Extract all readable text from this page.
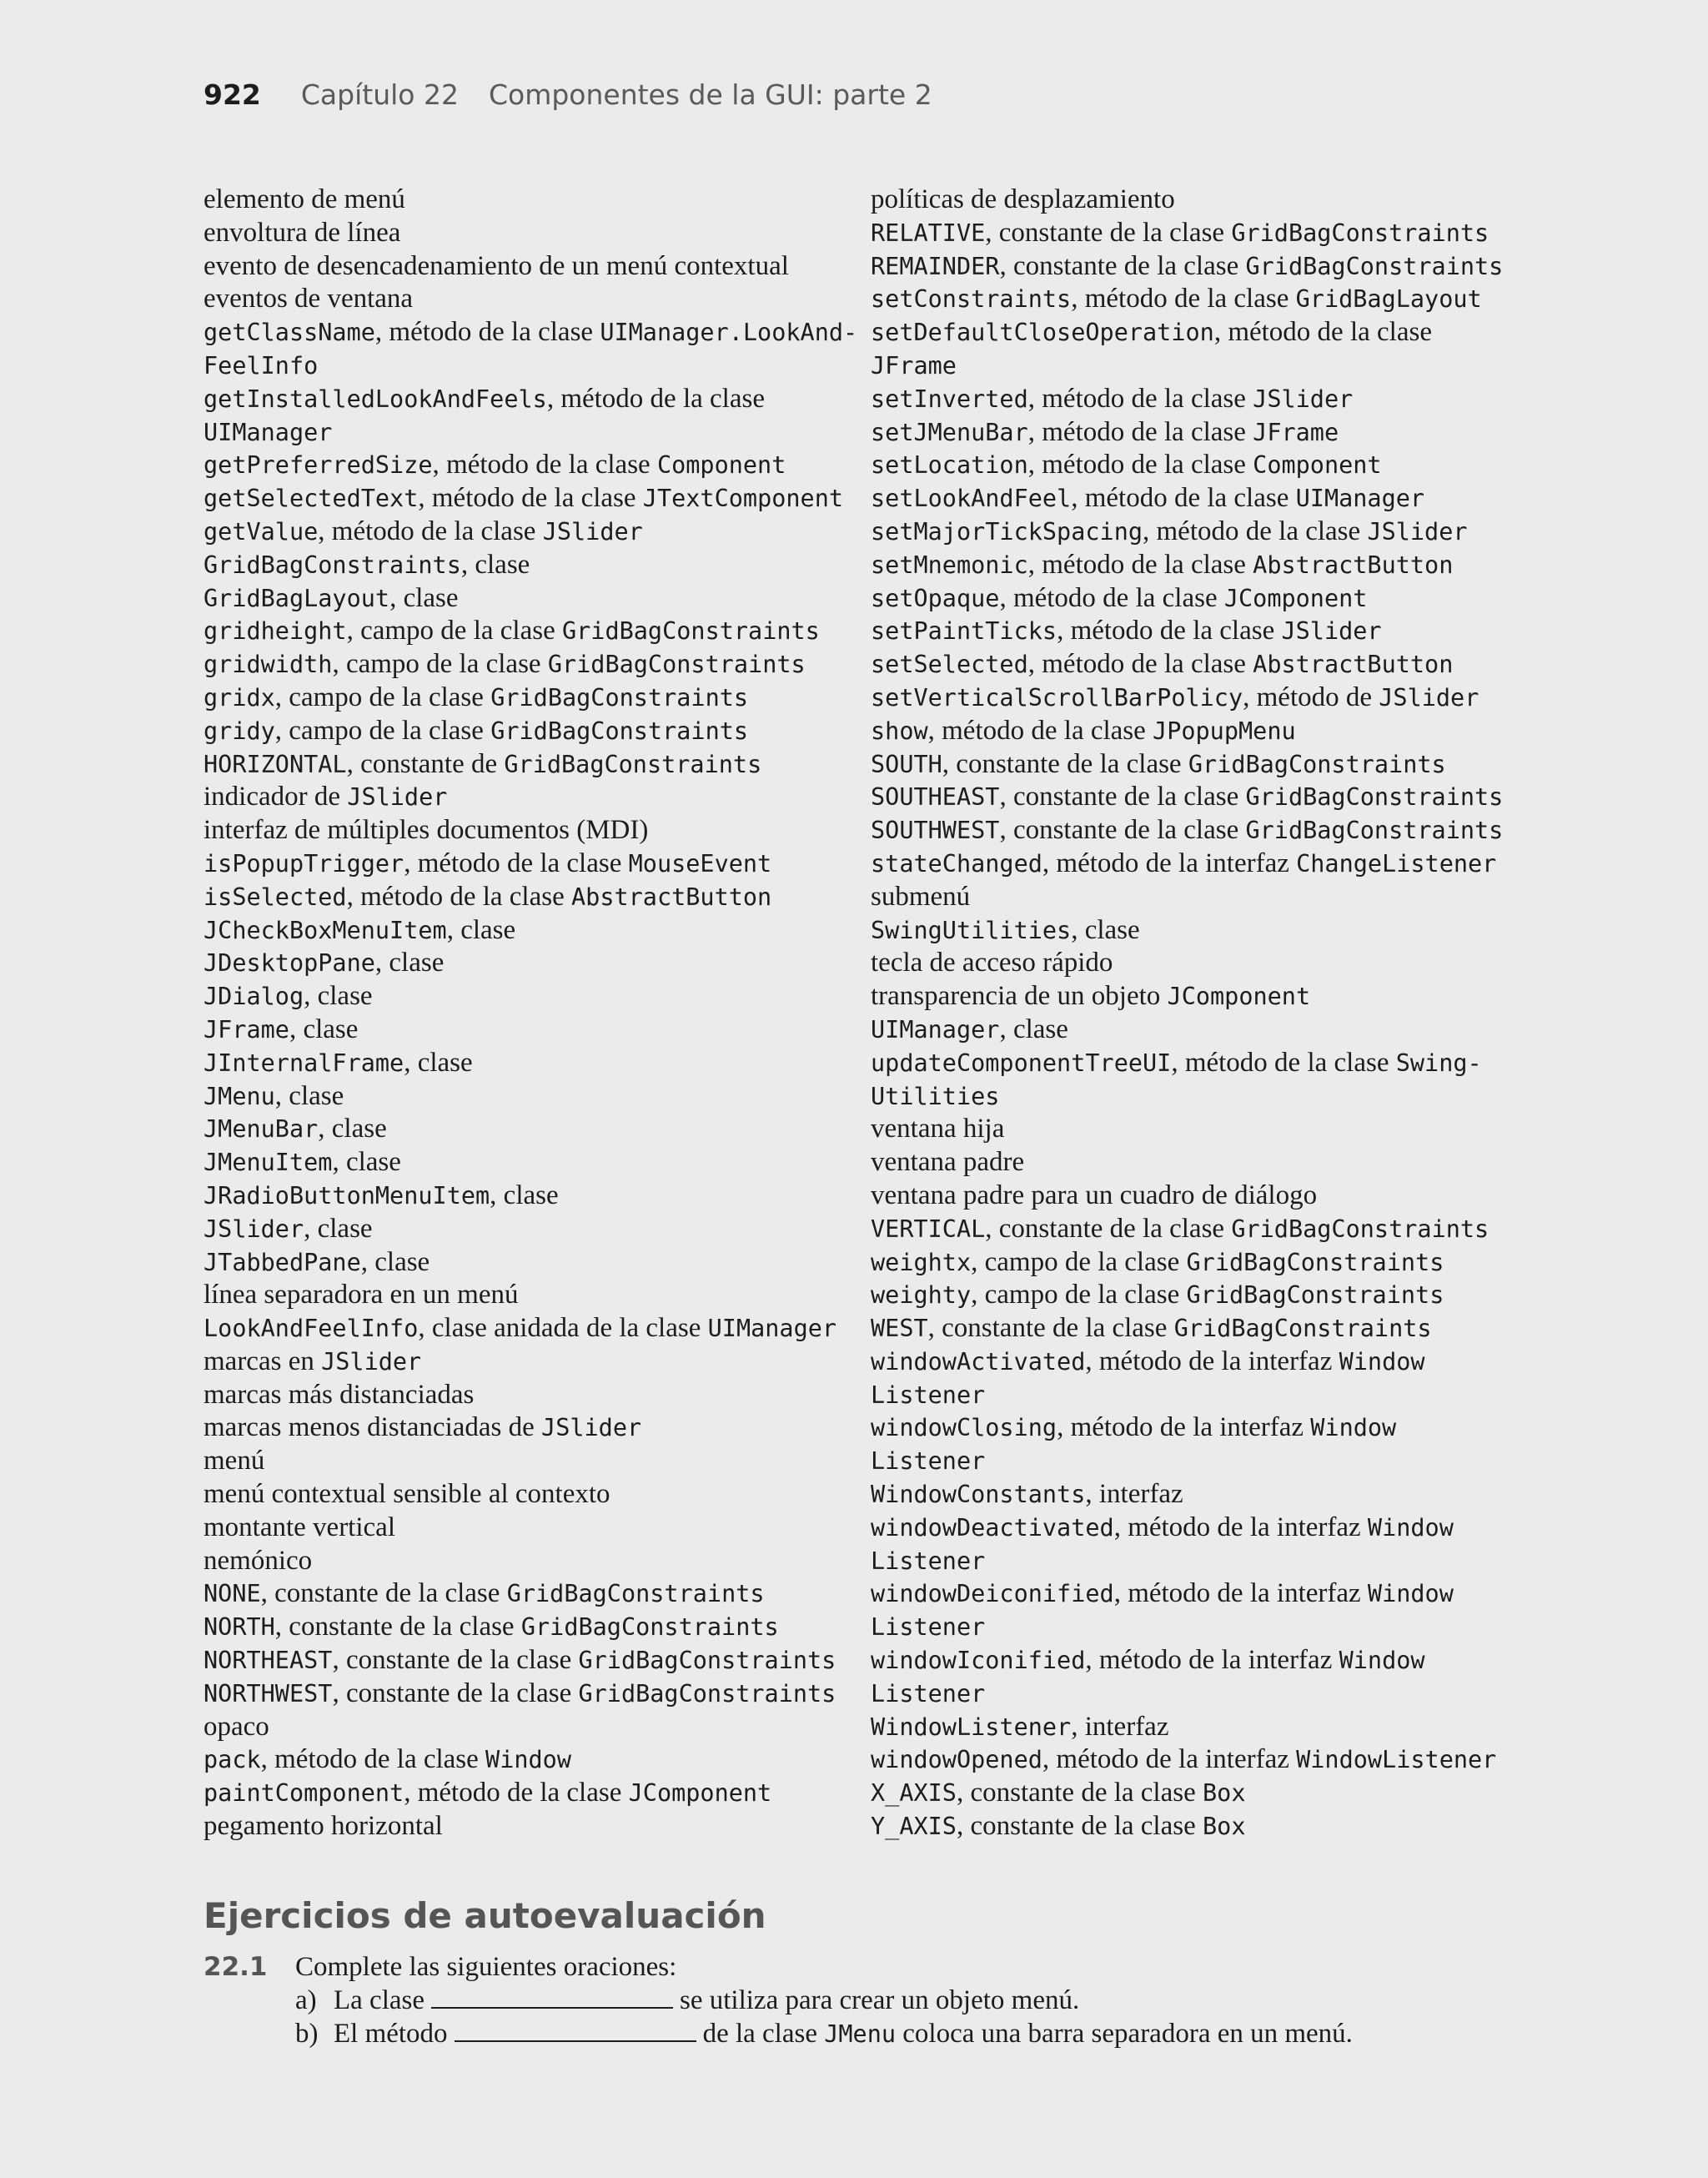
922 Capítulo 22 Componentes de la GUI: parte 2
elemento de menú
envoltura de línea
evento de desencadenamiento de un menú contextual
eventos de ventana
getClassName, método de la clase UIManager.LookAnd-
FeelInfo
getInstalledLookAndFeels, método de la clase
UIManager
getPreferredSize, método de la clase Component
getSelectedText, método de la clase JTextComponent
getValue, método de la clase JSlider
GridBagConstraints, clase
GridBagLayout, clase
gridheight, campo de la clase GridBagConstraints
gridwidth, campo de la clase GridBagConstraints
gridx, campo de la clase GridBagConstraints
gridy, campo de la clase GridBagConstraints
HORIZONTAL, constante de GridBagConstraints
indicador de JSlider
interfaz de múltiples documentos (MDI)
isPopupTrigger, método de la clase MouseEvent
isSelected, método de la clase AbstractButton
JCheckBoxMenuItem, clase
JDesktopPane, clase
JDialog, clase
JFrame, clase
JInternalFrame, clase
JMenu, clase
JMenuBar, clase
JMenuItem, clase
JRadioButtonMenuItem, clase
JSlider, clase
JTabbedPane, clase
línea separadora en un menú
LookAndFeelInfo, clase anidada de la clase UIManager
marcas en JSlider
marcas más distanciadas
marcas menos distanciadas de JSlider
menú
menú contextual sensible al contexto
montante vertical
nemónico
NONE, constante de la clase GridBagConstraints
NORTH, constante de la clase GridBagConstraints
NORTHEAST, constante de la clase GridBagConstraints
NORTHWEST, constante de la clase GridBagConstraints
opaco
pack, método de la clase Window
paintComponent, método de la clase JComponent
pegamento horizontal
políticas de desplazamiento
RELATIVE, constante de la clase GridBagConstraints
REMAINDER, constante de la clase GridBagConstraints
setConstraints, método de la clase GridBagLayout
setDefaultCloseOperation, método de la clase
JFrame
setInverted, método de la clase JSlider
setJMenuBar, método de la clase JFrame
setLocation, método de la clase Component
setLookAndFeel, método de la clase UIManager
setMajorTickSpacing, método de la clase JSlider
setMnemonic, método de la clase AbstractButton
setOpaque, método de la clase JComponent
setPaintTicks, método de la clase JSlider
setSelected, método de la clase AbstractButton
setVerticalScrollBarPolicy, método de JSlider
show, método de la clase JPopupMenu
SOUTH, constante de la clase GridBagConstraints
SOUTHEAST, constante de la clase GridBagConstraints
SOUTHWEST, constante de la clase GridBagConstraints
stateChanged, método de la interfaz ChangeListener
submenú
SwingUtilities, clase
tecla de acceso rápido
transparencia de un objeto JComponent
UIManager, clase
updateComponentTreeUI, método de la clase Swing-
Utilities
ventana hija
ventana padre
ventana padre para un cuadro de diálogo
VERTICAL, constante de la clase GridBagConstraints
weightx, campo de la clase GridBagConstraints
weighty, campo de la clase GridBagConstraints
WEST, constante de la clase GridBagConstraints
windowActivated, método de la interfaz Window
Listener
windowClosing, método de la interfaz Window
Listener
WindowConstants, interfaz
windowDeactivated, método de la interfaz Window
Listener
windowDeiconified, método de la interfaz Window
Listener
windowIconified, método de la interfaz Window
Listener
WindowListener, interfaz
windowOpened, método de la interfaz WindowListener
X_AXIS, constante de la clase Box
Y_AXIS, constante de la clase Box
Ejercicios de autoevaluación
22.1 Complete las siguientes oraciones:
a) La clase	se utiliza para crear un objeto menú.
b) El método	de la clase JMenu coloca una barra separadora en un menú.
